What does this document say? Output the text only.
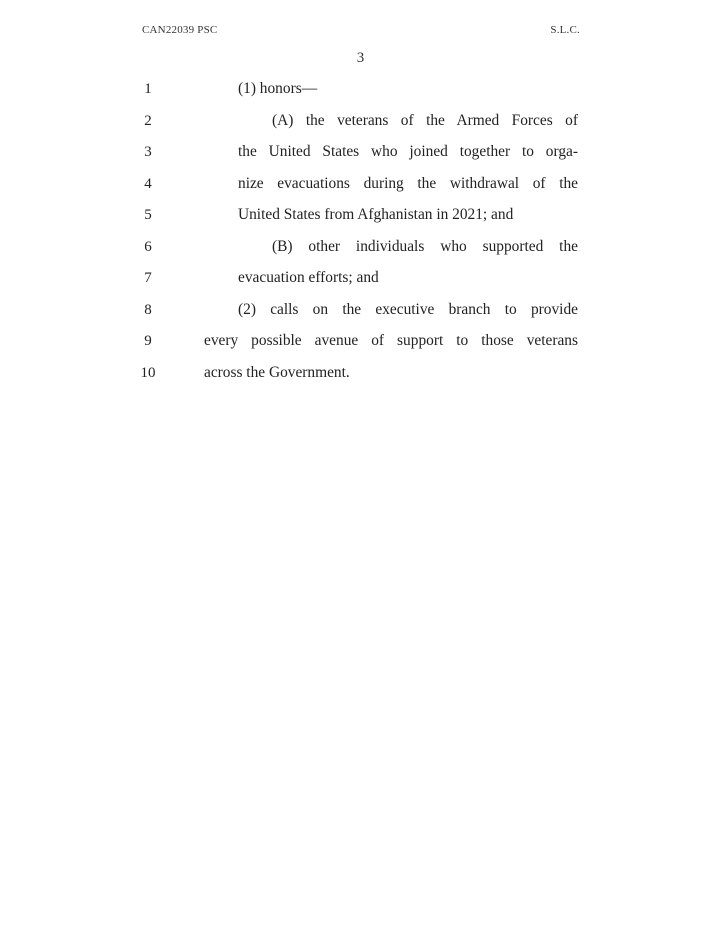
CAN22039 PSC	S.L.C.
3
1	(1) honors—
2	(A) the veterans of the Armed Forces of
3	the United States who joined together to orga-
4	nize evacuations during the withdrawal of the
5	United States from Afghanistan in 2021; and
6	(B) other individuals who supported the
7	evacuation efforts; and
8	(2) calls on the executive branch to provide
9	every possible avenue of support to those veterans
10	across the Government.
